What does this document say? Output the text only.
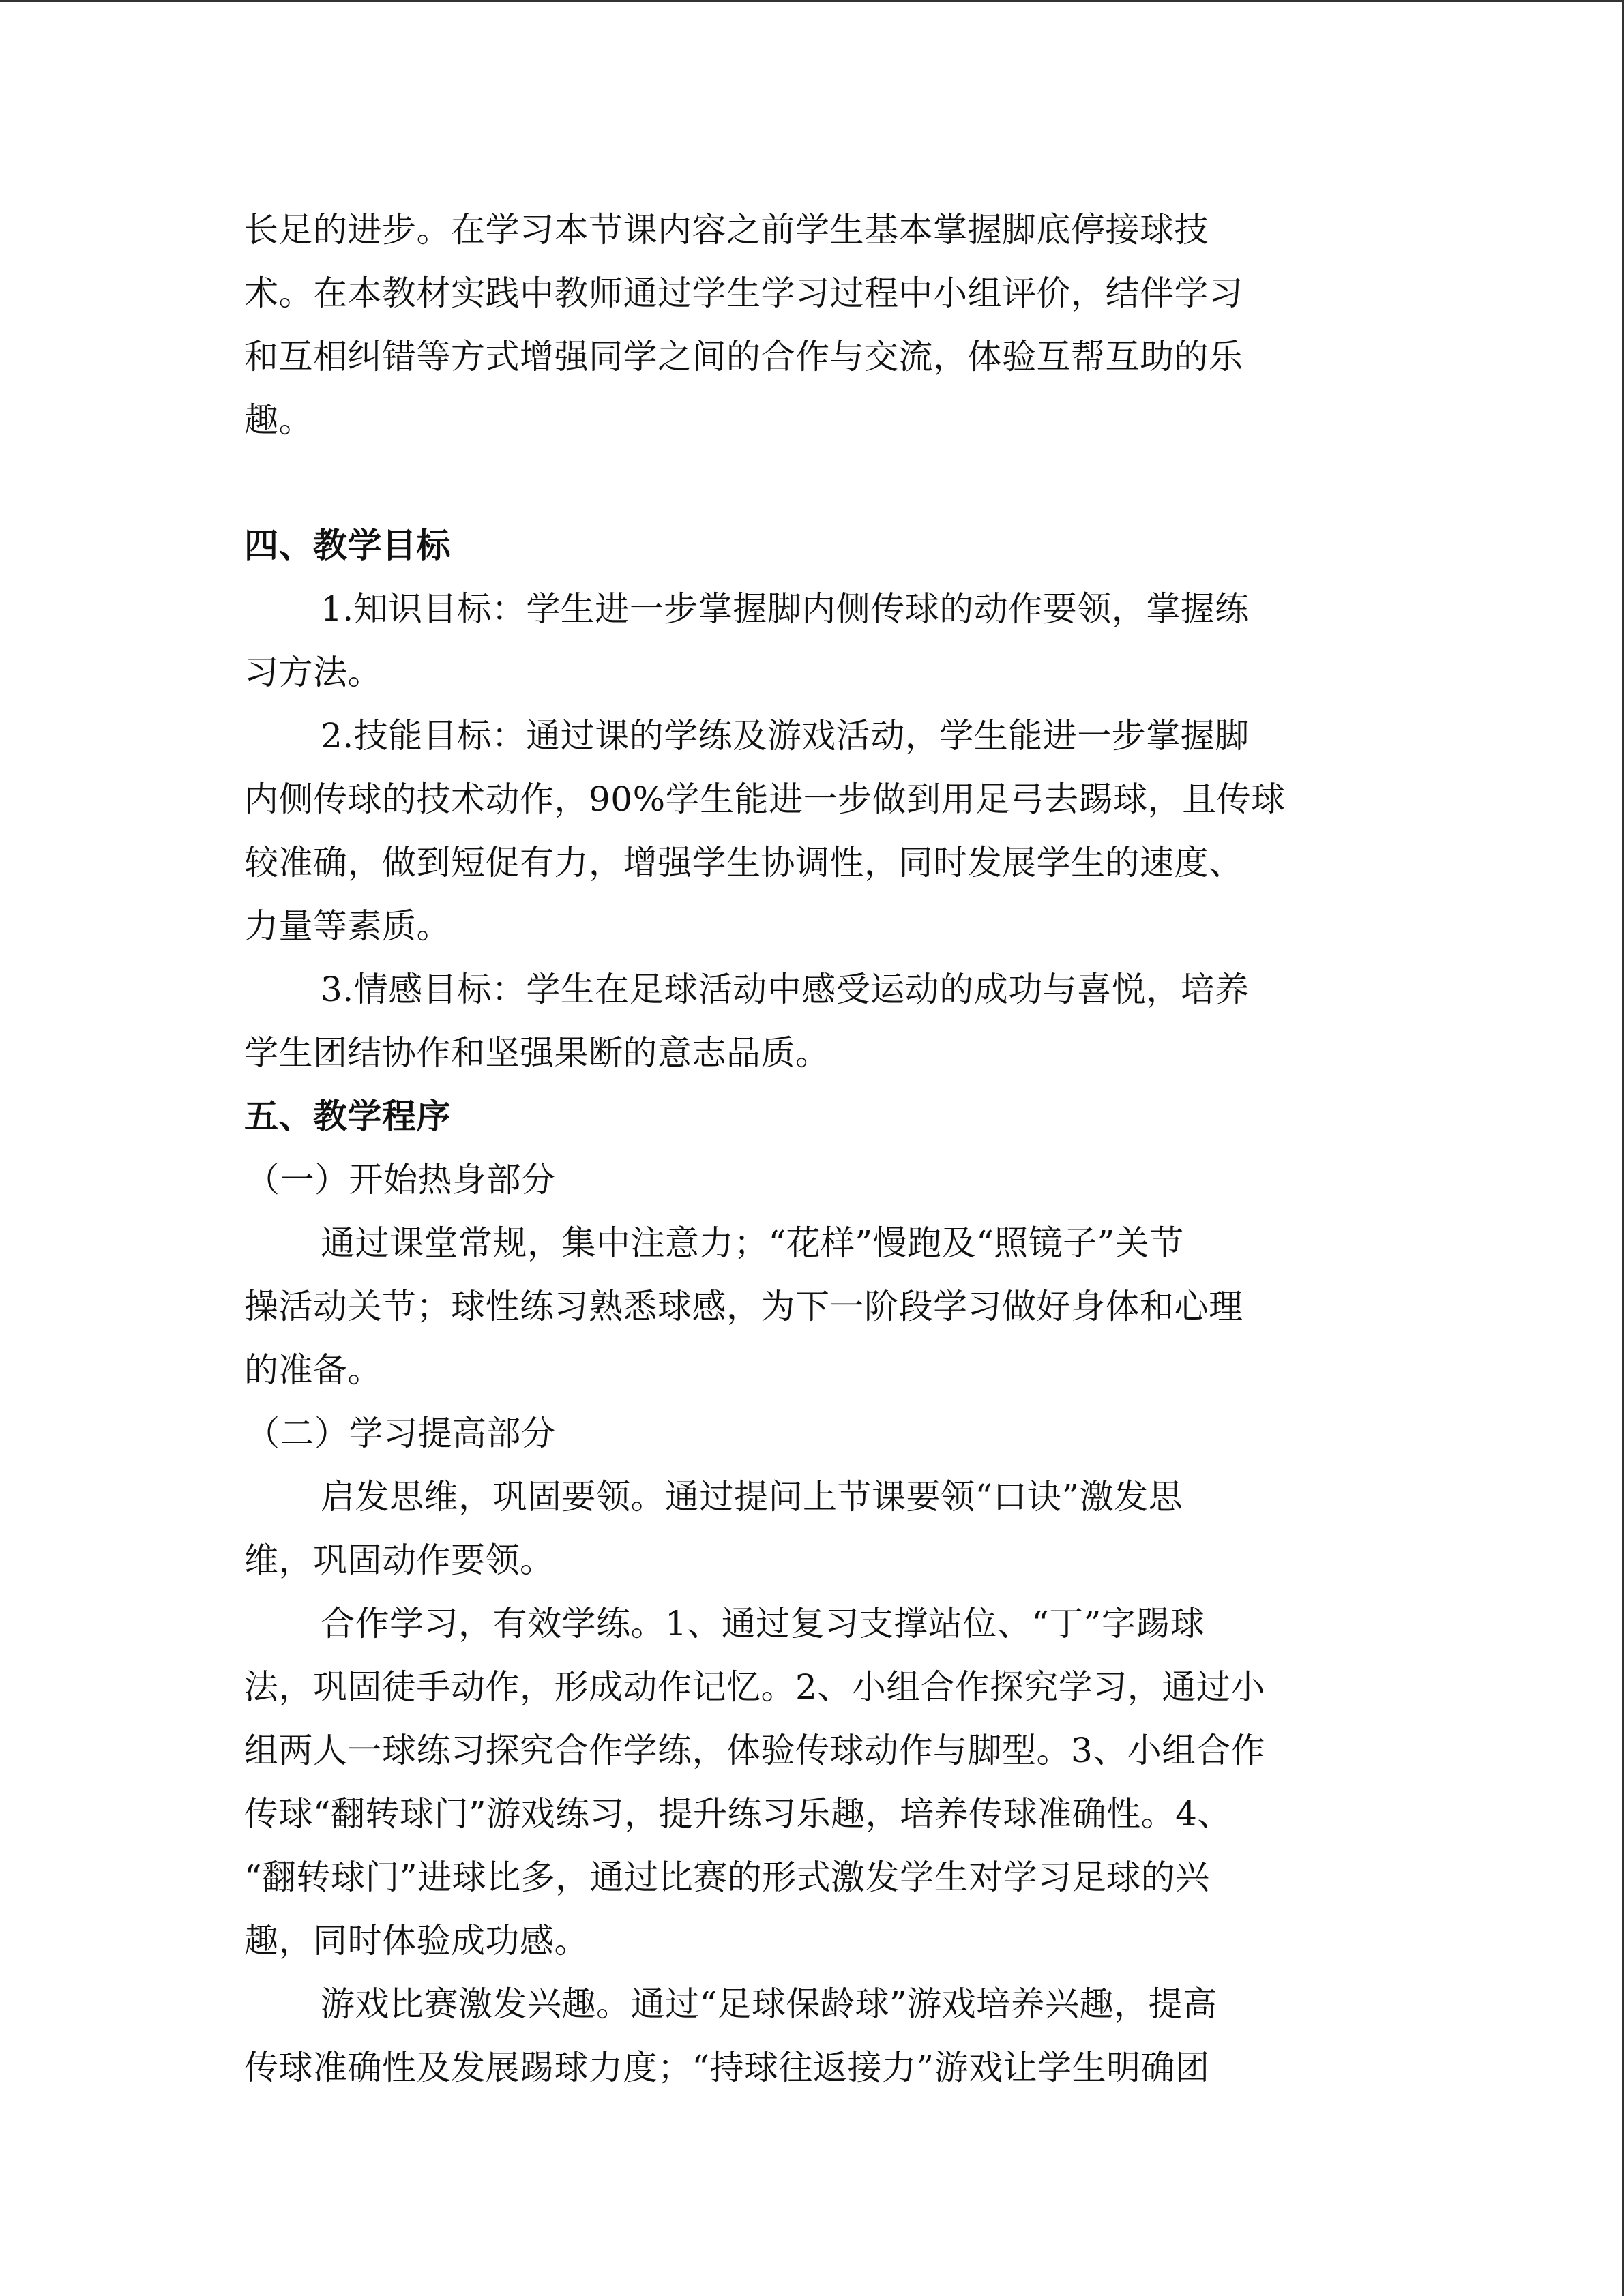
长足的进步。在学习本节课内容之前学生基本掌握脚底停接球技
术。在本教材实践中教师通过学生学习过程中小组评价，结伴学习
和互相纠错等方式增强同学之间的合作与交流，体验互帮互助的乐
趣。
四、教学目标
1.知识目标：学生进一步掌握脚内侧传球的动作要领，掌握练
习方法。
2.技能目标：通过课的学练及游戏活动，学生能进一步掌握脚
内侧传球的技术动作，90%学生能进一步做到用足弓去踢球，且传球
较准确，做到短促有力，增强学生协调性，同时发展学生的速度、
力量等素质。
3.情感目标：学生在足球活动中感受运动的成功与喜悦，培养
学生团结协作和坚强果断的意志品质。
五、教学程序
（一）开始热身部分
通过课堂常规，集中注意力；“花样”慢跑及“照镜子”关节
操活动关节；球性练习熟悉球感，为下一阶段学习做好身体和心理
的准备。
（二）学习提高部分
启发思维，巩固要领。通过提问上节课要领“口诀”激发思
维，巩固动作要领。
合作学习，有效学练。1、通过复习支撑站位、“丁”字踢球
法，巩固徒手动作，形成动作记忆。2、小组合作探究学习，通过小
组两人一球练习探究合作学练，体验传球动作与脚型。3、小组合作
传球“翻转球门”游戏练习，提升练习乐趣，培养传球准确性。4、
“翻转球门”进球比多，通过比赛的形式激发学生对学习足球的兴
趣，同时体验成功感。
游戏比赛激发兴趣。通过“足球保龄球”游戏培养兴趣，提高
传球准确性及发展踢球力度；“持球往返接力”游戏让学生明确团
